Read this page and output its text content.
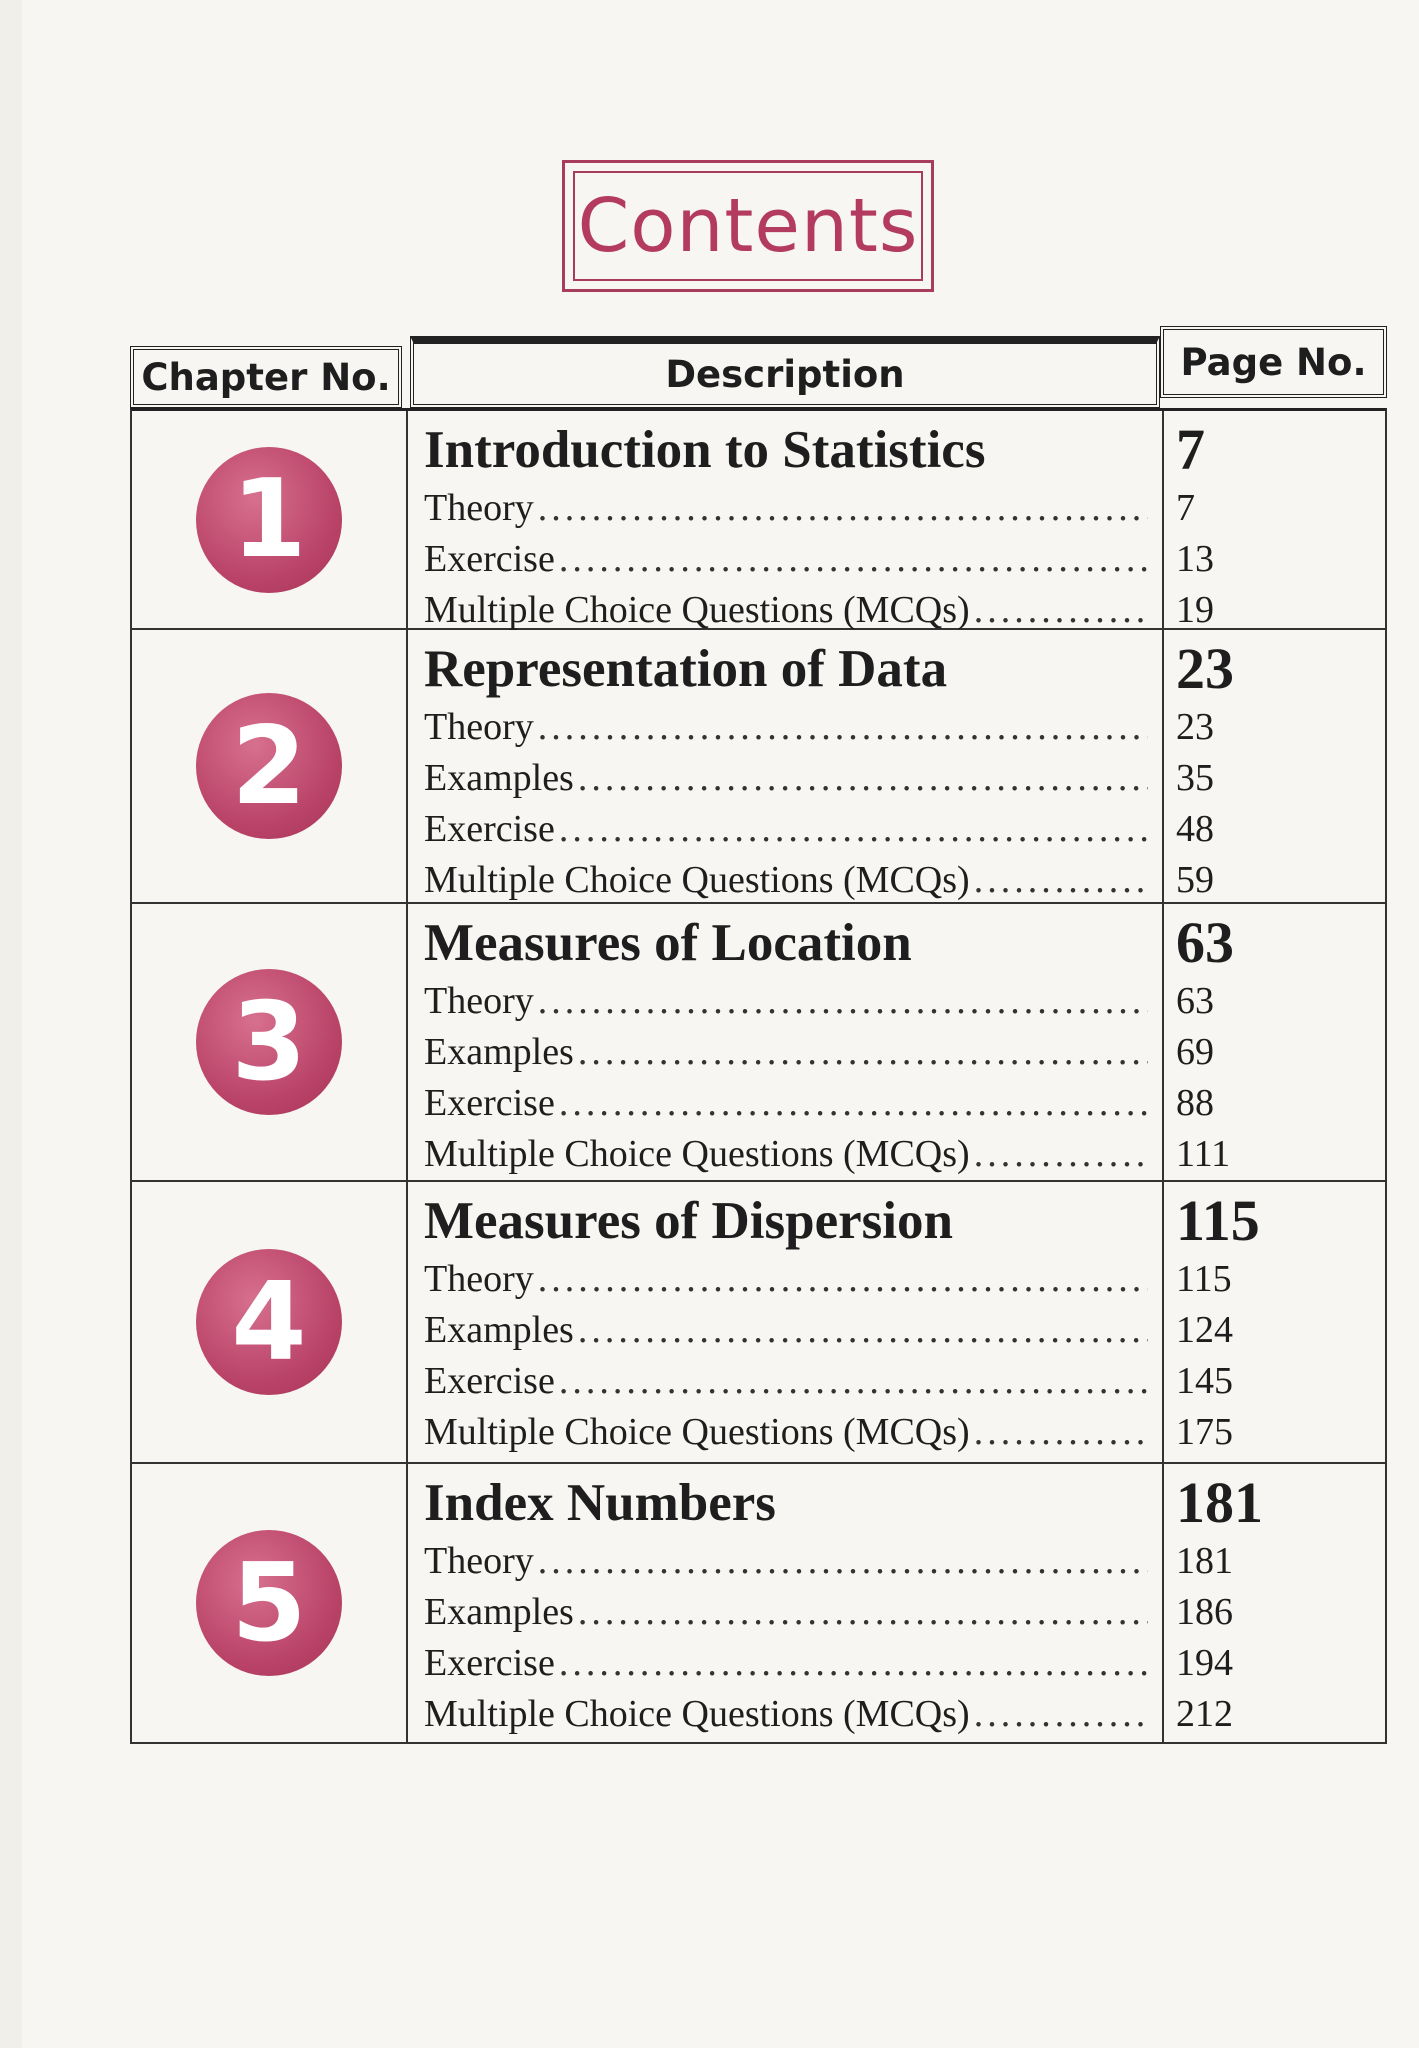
Contents
Chapter No.	Description	Page No.
1
Introduction to Statistics
Theory
.....
Exercise
.....
Multiple Choice Questions (MCQs)
.....
7
7
13
19
2
Representation of Data
Theory
.....
Examples
.....
Exercise
.....
Multiple Choice Questions (MCQs)
.....
23
23
35
48
59
3
Measures of Location
Theory
.....
Examples
.....
Exercise
.....
Multiple Choice Questions (MCQs)
.....
63
63
69
88
111
4
Measures of Dispersion
Theory
.....
Examples
.....
Exercise
.....
Multiple Choice Questions (MCQs)
.....
115
115
124
145
175
5
Index Numbers
Theory
.....
Examples
.....
Exercise
.....
Multiple Choice Questions (MCQs)
.....
181
181
186
194
212
